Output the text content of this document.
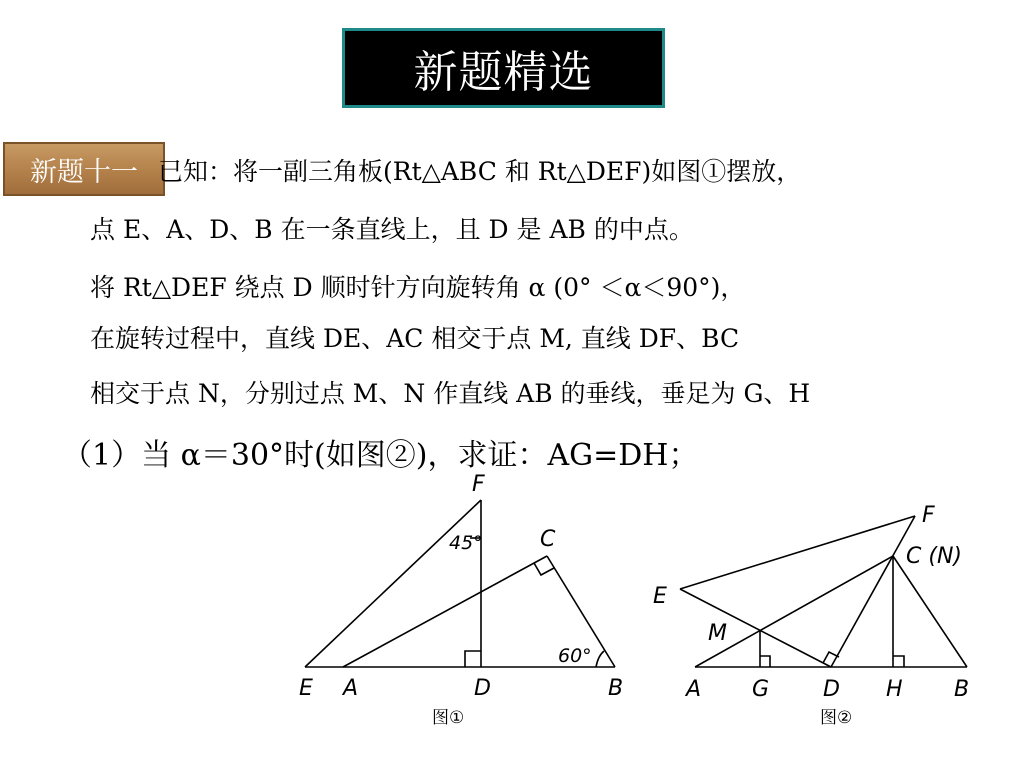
新题精选
新题十一 已知：将一副三角板(Rt△ABC 和 Rt△DEF)如图①摆放，
点 E、A、D、B 在一条直线上，且 D 是 AB 的中点。
将 Rt△DEF 绕点 D 顺时针方向旋转角 α (0° ＜α＜90°)，
在旋转过程中，直线 DE、AC 相交于点 M, 直线 DF、BC
相交于点 N，分别过点 M、N 作直线 AB 的垂线，垂足为 G、H
（1）当 α＝30°时(如图②)，求证：AG=DH；
F
C
E A	D	B
45°
60°
图①
F
C (N)
E
M
A G D H B
图②
